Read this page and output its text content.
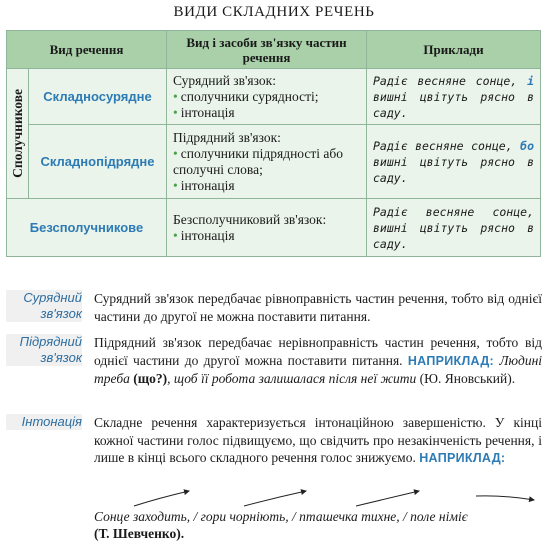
ВИДИ СКЛАДНИХ РЕЧЕНЬ
Вид речення		Вид і засоби зв'язку частин речення	Приклади

Сполучникове	Складносурядне	Сурядний зв'язок:
• сполучники сурядності;
• інтонація	Радіє весняне сонце, і вишні цвітуть рясно в саду.
	Складнопідрядне	Підрядний зв'язок:
• сполучники підрядності або сполучні слова;
• інтонація	Радіє весняне сонце, бо вишні цвітуть рясно в саду.
Безсполучникове		Безсполучниковий зв'язок:
• інтонація	Радіє весняне сонце, вишні цвітуть рясно в саду.
Сурядний зв'язок
Сурядний зв'язок передбачає рівноправність частин речення, тобто від однієї частини до другої не можна поставити питання.
Підрядний зв'язок
Підрядний зв'язок передбачає нерівноправність частин речення, тобто від однієї частини до другої можна поставити питання. НАПРИКЛАД: Людині треба (що?), щоб її робота залишалася після неї жити (Ю. Яновський).
Інтонація Складне речення характеризується інтонаційною завершеністю. У кінці кожної частини голос підвищуємо, що свідчить про незакінченість речення, і лише в кінці всього складного речення голос знижуємо. НАПРИКЛАД:
Сонце заходить, / гори чорніють, / пташечка тихне, / поле німіє
(Т. Шевченко).
